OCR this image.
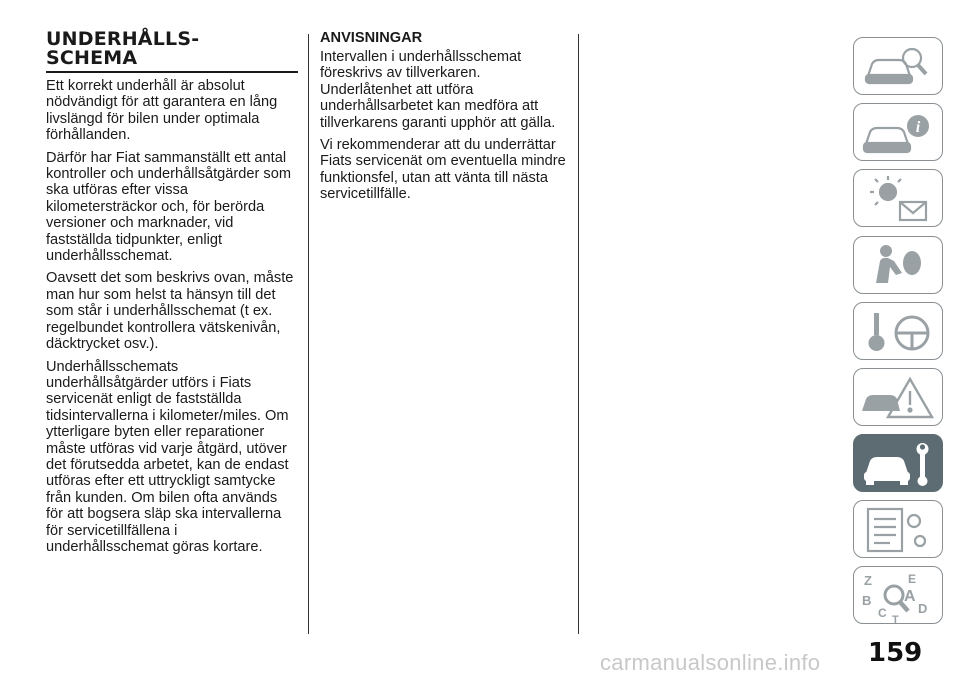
UNDERHÅLLS-
SCHEMA

Ett korrekt underhåll är absolut nödvändigt för att garantera en lång livslängd för bilen under optimala förhållanden.

Därför har Fiat sammanställt ett antal kontroller och underhållsåtgärder som ska utföras efter vissa kilometersträckor och, för berörda versioner och marknader, vid fastställda tidpunkter, enligt underhållsschemat.

Oavsett det som beskrivs ovan, måste man hur som helst ta hänsyn till det som står i underhållsschemat (t ex. regelbundet kontrollera vätskenivån, däcktrycket osv.).

Underhållsschemats underhållsåtgärder utförs i Fiats servicenät enligt de fastställda tidsintervallerna i kilometer/miles. Om ytterligare byten eller reparationer måste utföras vid varje åtgärd, utöver det förutsedda arbetet, kan de endast utföras efter ett uttryckligt samtycke från kunden. Om bilen ofta används för att bogsera släp ska intervallerna för servicetillfällena i underhållsschemat göras kortare.

ANVISNINGAR

Intervallen i underhållsschemat föreskrivs av tillverkaren. Underlåtenhet att utföra underhållsarbetet kan medföra att tillverkarens garanti upphör att gälla.

Vi rekommenderar att du underrättar Fiats servicenät om eventuella mindre funktionsfel, utan att vänta till nästa servicetillfälle.

i
Z	E
B A
C D
T
159
carmanualsonline.info
